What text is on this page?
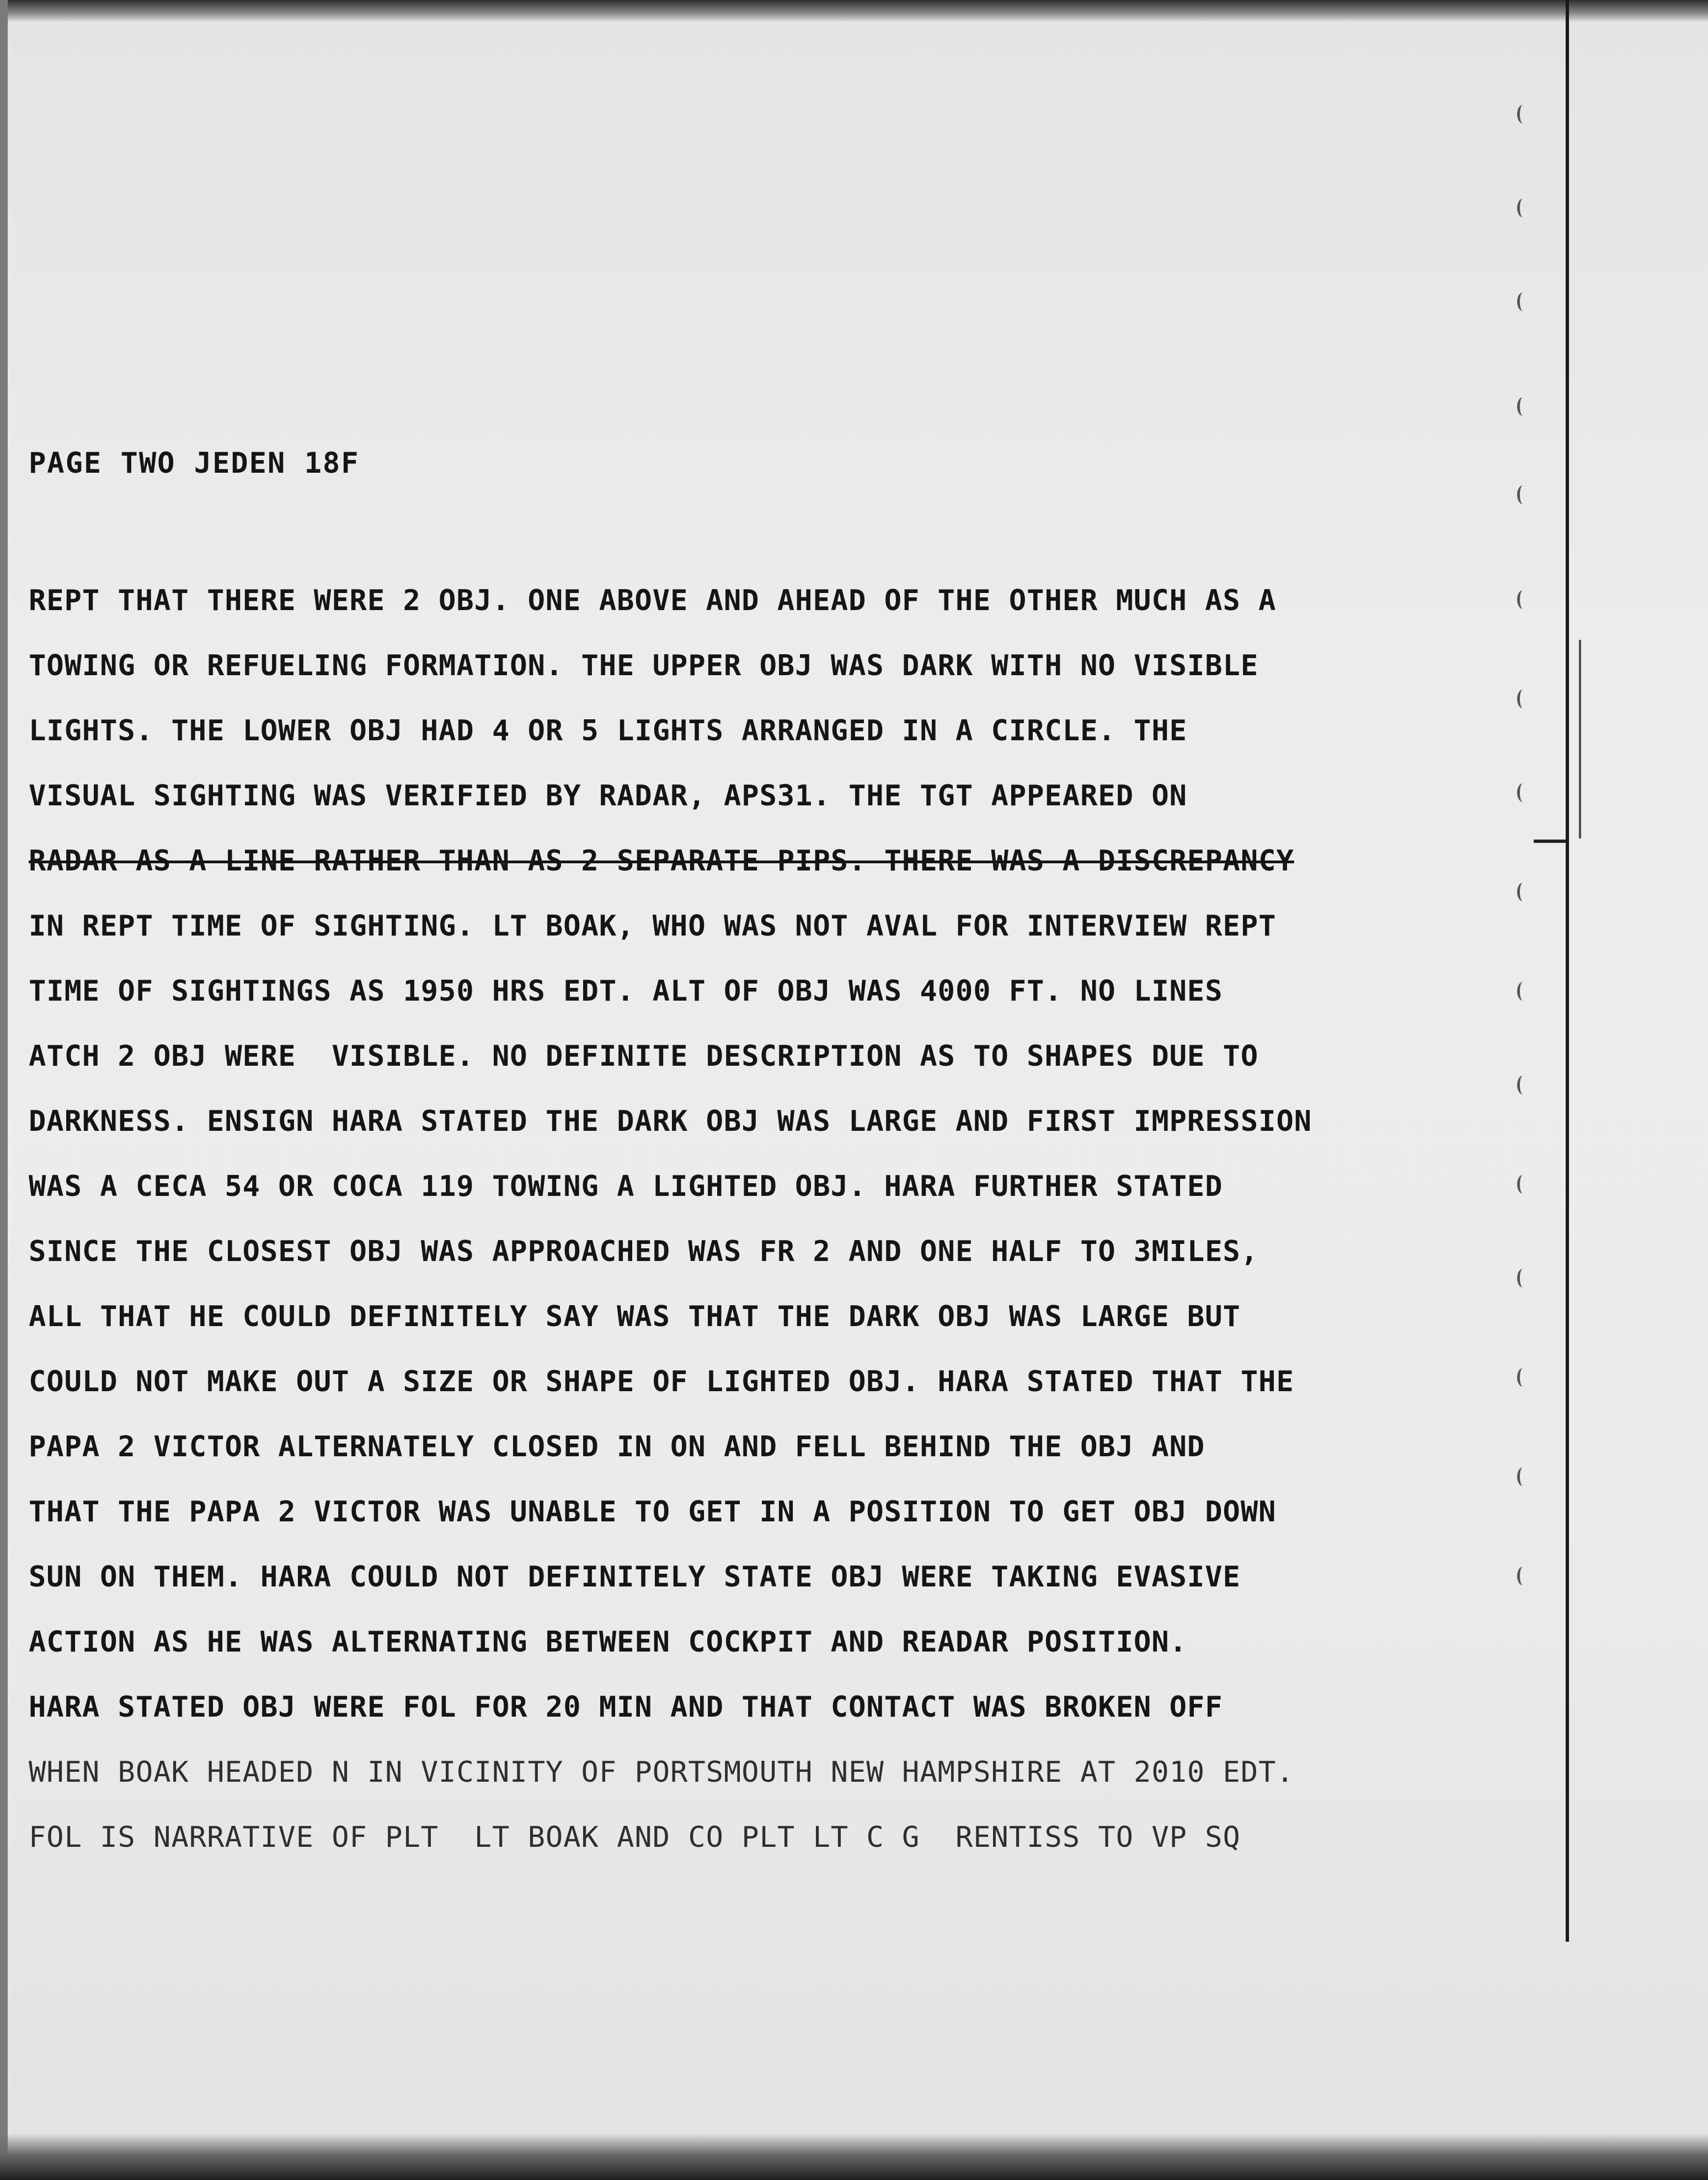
PAGE TWO JEDEN 18F
REPT THAT THERE WERE 2 OBJ. ONE ABOVE AND AHEAD OF THE OTHER MUCH AS A
TOWING OR REFUELING FORMATION. THE UPPER OBJ WAS DARK WITH NO VISIBLE
LIGHTS. THE LOWER OBJ HAD 4 OR 5 LIGHTS ARRANGED IN A CIRCLE. THE
VISUAL SIGHTING WAS VERIFIED BY RADAR, APS31. THE TGT APPEARED ON
RADAR AS A LINE RATHER THAN AS 2 SEPARATE PIPS. THERE WAS A DISCREPANCY
IN REPT TIME OF SIGHTING. LT BOAK, WHO WAS NOT AVAL FOR INTERVIEW REPT
TIME OF SIGHTINGS AS 1950 HRS EDT. ALT OF OBJ WAS 4000 FT. NO LINES
ATCH 2 OBJ WERE  VISIBLE. NO DEFINITE DESCRIPTION AS TO SHAPES DUE TO
DARKNESS. ENSIGN HARA STATED THE DARK OBJ WAS LARGE AND FIRST IMPRESSION
WAS A CECA 54 OR COCA 119 TOWING A LIGHTED OBJ. HARA FURTHER STATED
SINCE THE CLOSEST OBJ WAS APPROACHED WAS FR 2 AND ONE HALF TO 3MILES,
ALL THAT HE COULD DEFINITELY SAY WAS THAT THE DARK OBJ WAS LARGE BUT
COULD NOT MAKE OUT A SIZE OR SHAPE OF LIGHTED OBJ. HARA STATED THAT THE
PAPA 2 VICTOR ALTERNATELY CLOSED IN ON AND FELL BEHIND THE OBJ AND
THAT THE PAPA 2 VICTOR WAS UNABLE TO GET IN A POSITION TO GET OBJ DOWN
SUN ON THEM. HARA COULD NOT DEFINITELY STATE OBJ WERE TAKING EVASIVE
ACTION AS HE WAS ALTERNATING BETWEEN COCKPIT AND READAR POSITION.
HARA STATED OBJ WERE FOL FOR 20 MIN AND THAT CONTACT WAS BROKEN OFF
WHEN BOAK HEADED N IN VICINITY OF PORTSMOUTH NEW HAMPSHIRE AT 2010 EDT.
FOL IS NARRATIVE OF PLT  LT BOAK AND CO PLT LT C G  RENTISS TO VP SQ
